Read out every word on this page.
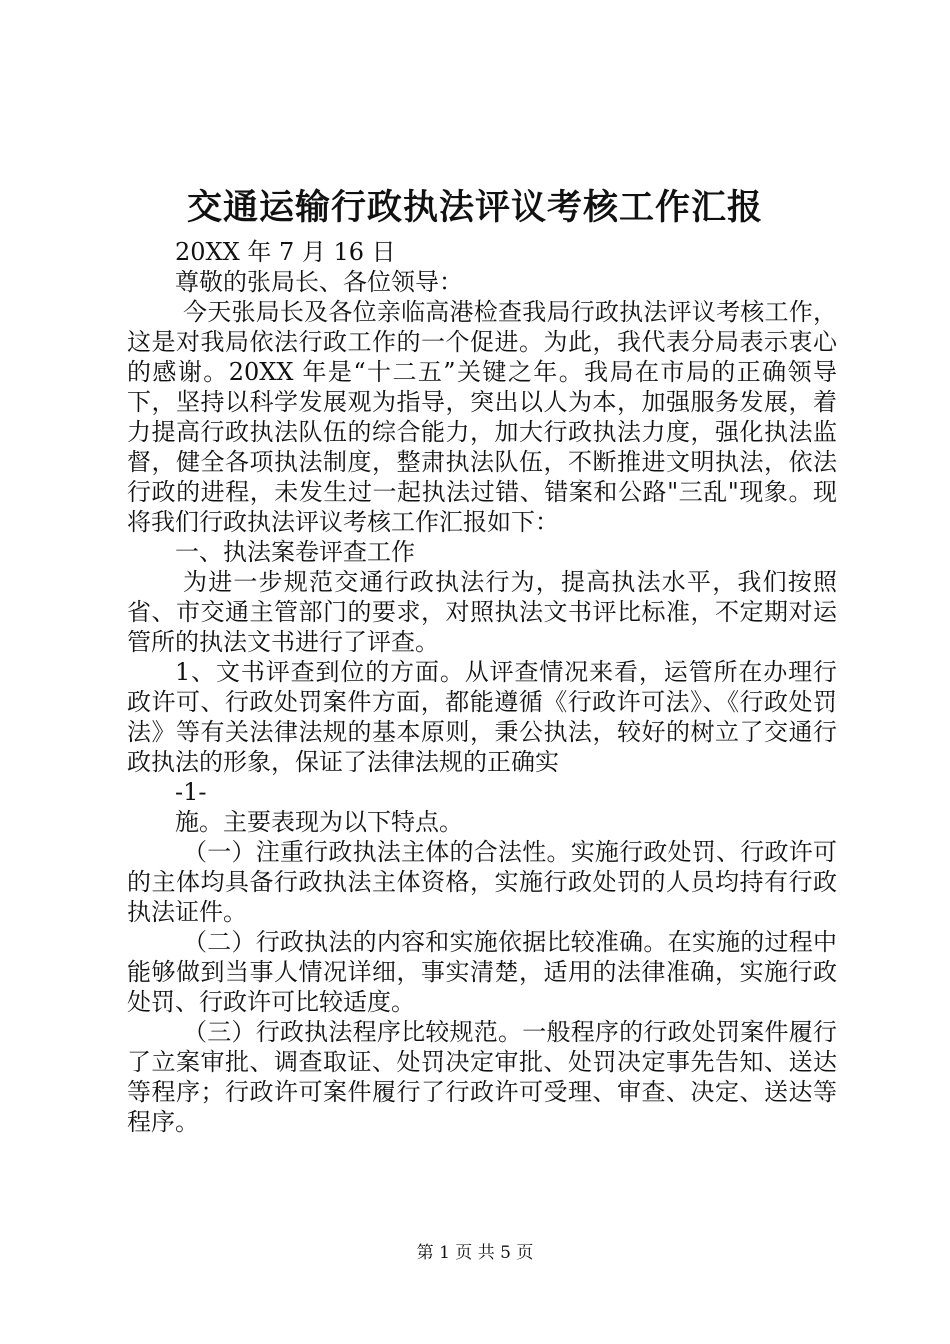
交通运输行政执法评议考核工作汇报

20XX 年 7 月 16 日

尊敬的张局长、各位领导：

今天张局长及各位亲临高港检查我局行政执法评议考核工作，这是对我局依法行政工作的一个促进。为此，我代表分局表示衷心的感谢。20XX 年是“十二五”关键之年。我局在市局的正确领导下，坚持以科学发展观为指导，突出以人为本，加强服务发展，着力提高行政执法队伍的综合能力，加大行政执法力度，强化执法监督，健全各项执法制度，整肃执法队伍，不断推进文明执法，依法行政的进程，未发生过一起执法过错、错案和公路"三乱"现象。现将我们行政执法评议考核工作汇报如下：

一、执法案卷评查工作

为进一步规范交通行政执法行为，提高执法水平，我们按照省、市交通主管部门的要求，对照执法文书评比标准，不定期对运管所的执法文书进行了评查。

1、文书评查到位的方面。从评查情况来看，运管所在办理行政许可、行政处罚案件方面，都能遵循《行政许可法》、《行政处罚法》等有关法律法规的基本原则，秉公执法，较好的树立了交通行政执法的形象，保证了法律法规的正确实

-1-

施。主要表现为以下特点。

（一）注重行政执法主体的合法性。实施行政处罚、行政许可的主体均具备行政执法主体资格，实施行政处罚的人员均持有行政执法证件。

（二）行政执法的内容和实施依据比较准确。在实施的过程中能够做到当事人情况详细，事实清楚，适用的法律准确，实施行政处罚、行政许可比较适度。

（三）行政执法程序比较规范。一般程序的行政处罚案件履行了立案审批、调查取证、处罚决定审批、处罚决定事先告知、送达等程序；行政许可案件履行了行政许可受理、审查、决定、送达等程序。

第 1 页 共 5 页
